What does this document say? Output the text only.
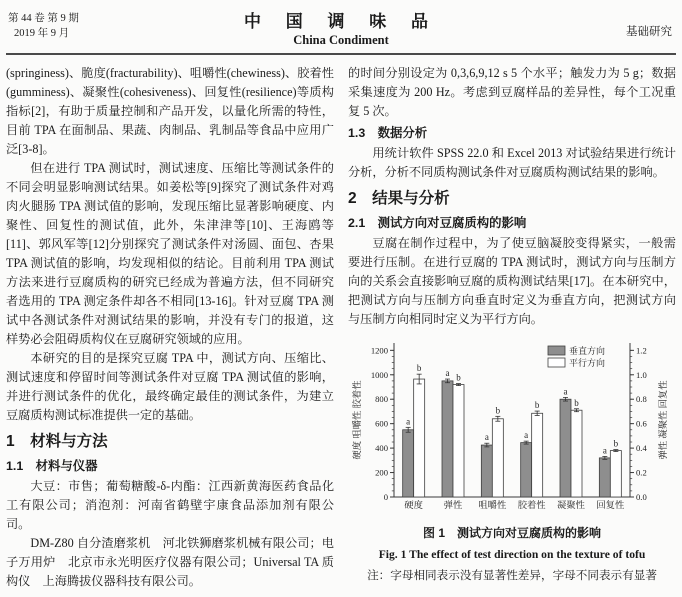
第 44 卷 第 9 期
2019 年 9 月
中 国 调 味 品
China Condiment
基础研究

(springiness)、脆度(fracturability)、咀嚼性(chewiness)、胶着性(gumminess)、凝聚性(cohesiveness)、回复性(resilience)等质构指标[2]，有助于质量控制和产品开发，以量化所需的特性，目前 TPA 在面制品、果蔬、肉制品、乳制品等食品中应用广泛[3-8]。

但在进行 TPA 测试时，测试速度、压缩比等测试条件的不同会明显影响测试结果。如姜松等[9]探究了测试条件对鸡肉火腿肠 TPA 测试值的影响，发现压缩比显著影响硬度、内聚性、回复性的测试值，此外，朱津津等[10]、王海鸥等[11]、郭风军等[12]分别探究了测试条件对汤圆、面包、杏果 TPA 测试值的影响，均发现相似的结论。目前利用 TPA 测试方法来进行豆腐质构的研究已经成为普遍方法，但不同研究者选用的 TPA 测定条件却各不相同[13-16]。针对豆腐 TPA 测试中各测试条件对测试结果的影响，并没有专门的报道，这样势必会阻碍质构仪在豆腐研究领域的应用。

本研究的目的是探究豆腐 TPA 中，测试方向、压缩比、测试速度和停留时间等测试条件对豆腐 TPA 测试值的影响，并进行测试条件的优化，最终确定最佳的测试条件，为建立豆腐质构测试标准提供一定的基础。

1　材料与方法
1.1　材料与仪器

大豆：市售；葡萄糖酸-δ-内酯：江西新黄海医药食品化工有限公司；消泡剂：河南省鹤壁宇康食品添加剂有限公司。

DM-Z80 自分渣磨浆机　河北铁狮磨浆机械有限公司；电子万用炉　北京市永光明医疗仪器有限公司；Universal TA 质构仪　上海腾拔仪器科技有限公司。

的时间分别设定为 0,3,6,9,12 s 5 个水平；触发力为 5 g；数据采集速度为 200 Hz。考虑到豆腐样品的差异性，每个工况重复 5 次。

1.3　数据分析

用统计软件 SPSS 22.0 和 Excel 2013 对试验结果进行统计分析，分析不同质构测试条件对豆腐质构测试结果的影响。

2　结果与分析
2.1　测试方向对豆腐质构的影响

豆腐在制作过程中，为了使豆脑凝胶变得紧实，一般需要进行压制。在进行豆腐的 TPA 测试时，测试方向与压制方向的关系会直接影响豆腐的质构测试结果[17]。在本研究中，把测试方向与压制方向垂直时定义为垂直方向，把测试方向与压制方向相同时定义为平行方向。

0
200
400
600
800
1000
1200
0.0
0.2
0.4
0.6
0.8
1.0
1.2
硬度 咀嚼性 胶着性	弹性 凝聚性 回复性
a
b
硬度
a b
弹性
a
b
咀嚼性
a
b
胶着性
a
b
凝聚性
a
b
回复性
垂直方向
平行方向
图 1　测试方向对豆腐质构的影响
Fig. 1 The effect of test direction on the texture of tofu
注：字母相同表示没有显著性差异，字母不同表示有显著
